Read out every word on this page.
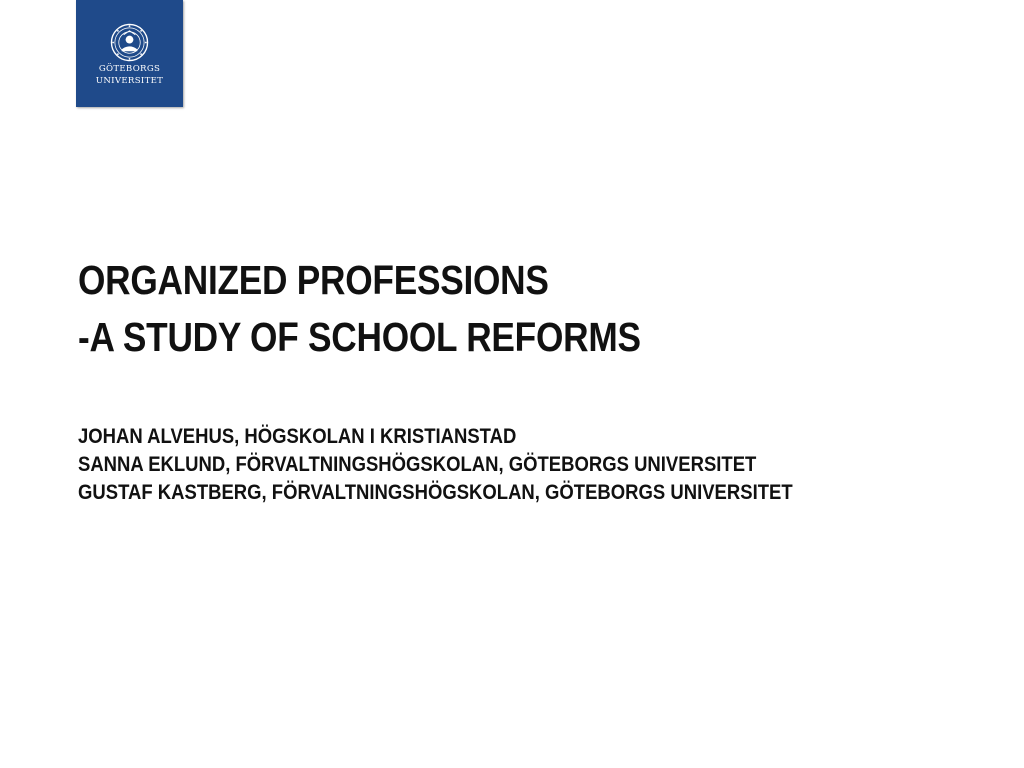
GÖTEBORGS
UNIVERSITET
ORGANIZED PROFESSIONS
-A STUDY OF SCHOOL REFORMS
JOHAN ALVEHUS, HÖGSKOLAN I KRISTIANSTAD
SANNA EKLUND, FÖRVALTNINGSHÖGSKOLAN, GÖTEBORGS UNIVERSITET
GUSTAF KASTBERG, FÖRVALTNINGSHÖGSKOLAN, GÖTEBORGS UNIVERSITET
